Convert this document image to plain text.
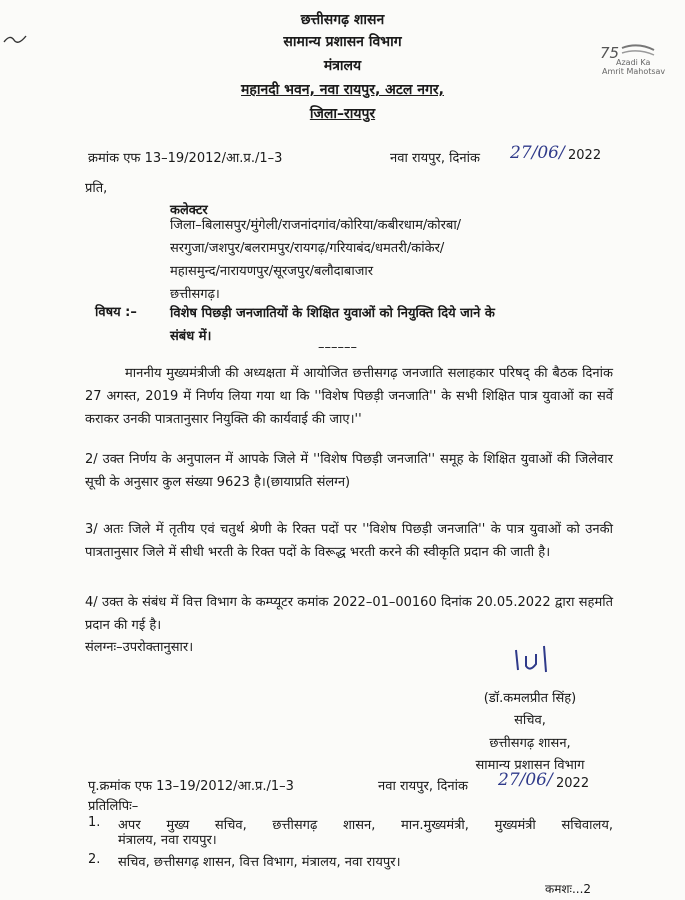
छत्तीसगढ़ शासन
सामान्य प्रशासन विभाग
मंत्रालय
महानदी भवन, नवा रायपुर, अटल नगर,
जिला–रायपुर
75
Azadi Ka
Amrit Mahotsav
क्रमांक एफ 13–19/2012/आ.प्र./1–3	नवा रायपुर, दिनांक 27/06/ 2022
प्रति,
कलेक्टर
जिला–बिलासपुर/मुंगेली/राजनांदगांव/कोरिया/कबीरधाम/कोरबा/
सरगुजा/जशपुर/बलरामपुर/रायगढ़/गरियाबंद/धमतरी/कांकेर/
महासमुन्द/नारायणपुर/सूरजपुर/बलौदाबाजार
छत्तीसगढ़।
विषय :–	विशेष पिछड़ी जनजातियों के शिक्षित युवाओं को नियुक्ति दिये जाने के
संबंध में।
––––––
माननीय मुख्यमंत्रीजी की अध्यक्षता में आयोजित छत्तीसगढ़ जनजाति सलाहकार परिषद् की बैठक दिनांक 27 अगस्त, 2019 में निर्णय लिया गया था कि ''विशेष पिछड़ी जनजाति'' के सभी शिक्षित पात्र युवाओं का सर्वे कराकर उनकी पात्रतानुसार नियुक्ति की कार्यवाई की जाए।''
2/ उक्त निर्णय के अनुपालन में आपके जिले में ''विशेष पिछड़ी जनजाति'' समूह के शिक्षित युवाओं की जिलेवार सूची के अनुसार कुल संख्या 9623 है।(छायाप्रति संलग्न)
3/ अतः जिले में तृतीय एवं चतुर्थ श्रेणी के रिक्त पदों पर ''विशेष पिछड़ी जनजाति'' के पात्र युवाओं को उनकी पात्रतानुसार जिले में सीधी भरती के रिक्त पदों के विरूद्ध भरती करने की स्वीकृति प्रदान की जाती है।
4/ उक्त के संबंध में वित्त विभाग के कम्प्यूटर कमांक 2022–01–00160 दिनांक 20.05.2022 द्वारा सहमति प्रदान की गई है।
संलग्नः–उपरोक्तानुसार।
(डॉ.कमलप्रीत सिंह)
सचिव,
छत्तीसगढ़ शासन,
सामान्य प्रशासन विभाग
पृ.क्रमांक एफ 13–19/2012/आ.प्र./1–3	नवा रायपुर, दिनांक 27/06/ 2022
प्रतिलिपिः–
1. अपर मुख्य सचिव, छत्तीसगढ़ शासन, मान.मुख्यमंत्री, मुख्यमंत्री सचिवालय,
मंत्रालय, नवा रायपुर।
2. सचिव, छत्तीसगढ़ शासन, वित्त विभाग, मंत्रालय, नवा रायपुर।
कमशः...2
